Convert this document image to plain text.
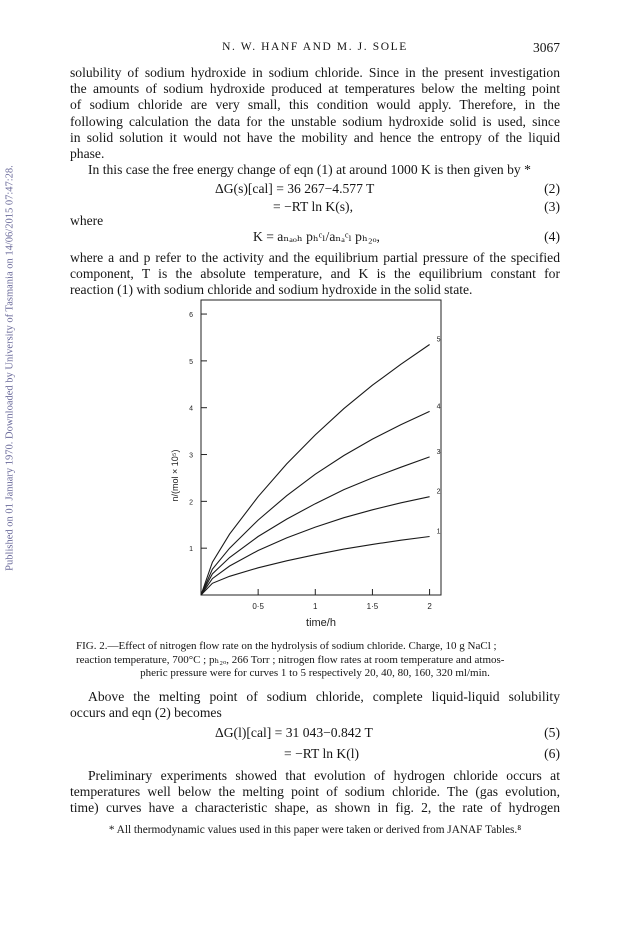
Published on 01 January 1970. Downloaded by University of Tasmania on 14/06/2015 07:47:28.
N. W. HANF AND M. J. SOLE	3067
solubility of sodium hydroxide in sodium chloride. Since in the present investigation
the amounts of sodium hydroxide produced at temperatures below the melting point
of sodium chloride are very small, this condition would apply. Therefore, in the
following calculation the data for the unstable sodium hydroxide solid is used, since
in solid solution it would not have the mobility and hence the entropy of the liquid
phase.
In this case the free energy change of eqn (1) at around 1000 K is then given by *
ΔG(s)[cal] = 36 267−4.577 T	(2)
= −RT ln K(s),	(3)
where
K = aₙₐₒₕ pₕᶜₗ/aₙₐᶜₗ pₕ₂ₒ,	(4)
where a and p refer to the activity and the equilibrium partial pressure of the specified
component, T is the absolute temperature, and K is the equilibrium constant for
reaction (1) with sodium chloride and sodium hydroxide in the solid state.
1
2
3
4
5
6
0·5	1	1·5	2
time/h
n/(mol × 10⁵)
1
2
3
4
5
FIG. 2.—Effect of nitrogen flow rate on the hydrolysis of sodium chloride. Charge, 10 g NaCl ;
reaction temperature, 700°C ; pₕ₂ₒ, 266 Torr ; nitrogen flow rates at room temperature and atmos-
pheric pressure were for curves 1 to 5 respectively 20, 40, 80, 160, 320 ml/min.
Above the melting point of sodium chloride, complete liquid-liquid solubility
occurs and eqn (2) becomes
ΔG(l)[cal] = 31 043−0.842 T	(5)
= −RT ln K(l)	(6)
Preliminary experiments showed that evolution of hydrogen chloride occurs at
temperatures well below the melting point of sodium chloride. The (gas evolution,
time) curves have a characteristic shape, as shown in fig. 2, the rate of hydrogen
* All thermodynamic values used in this paper were taken or derived from JANAF Tables.⁸
